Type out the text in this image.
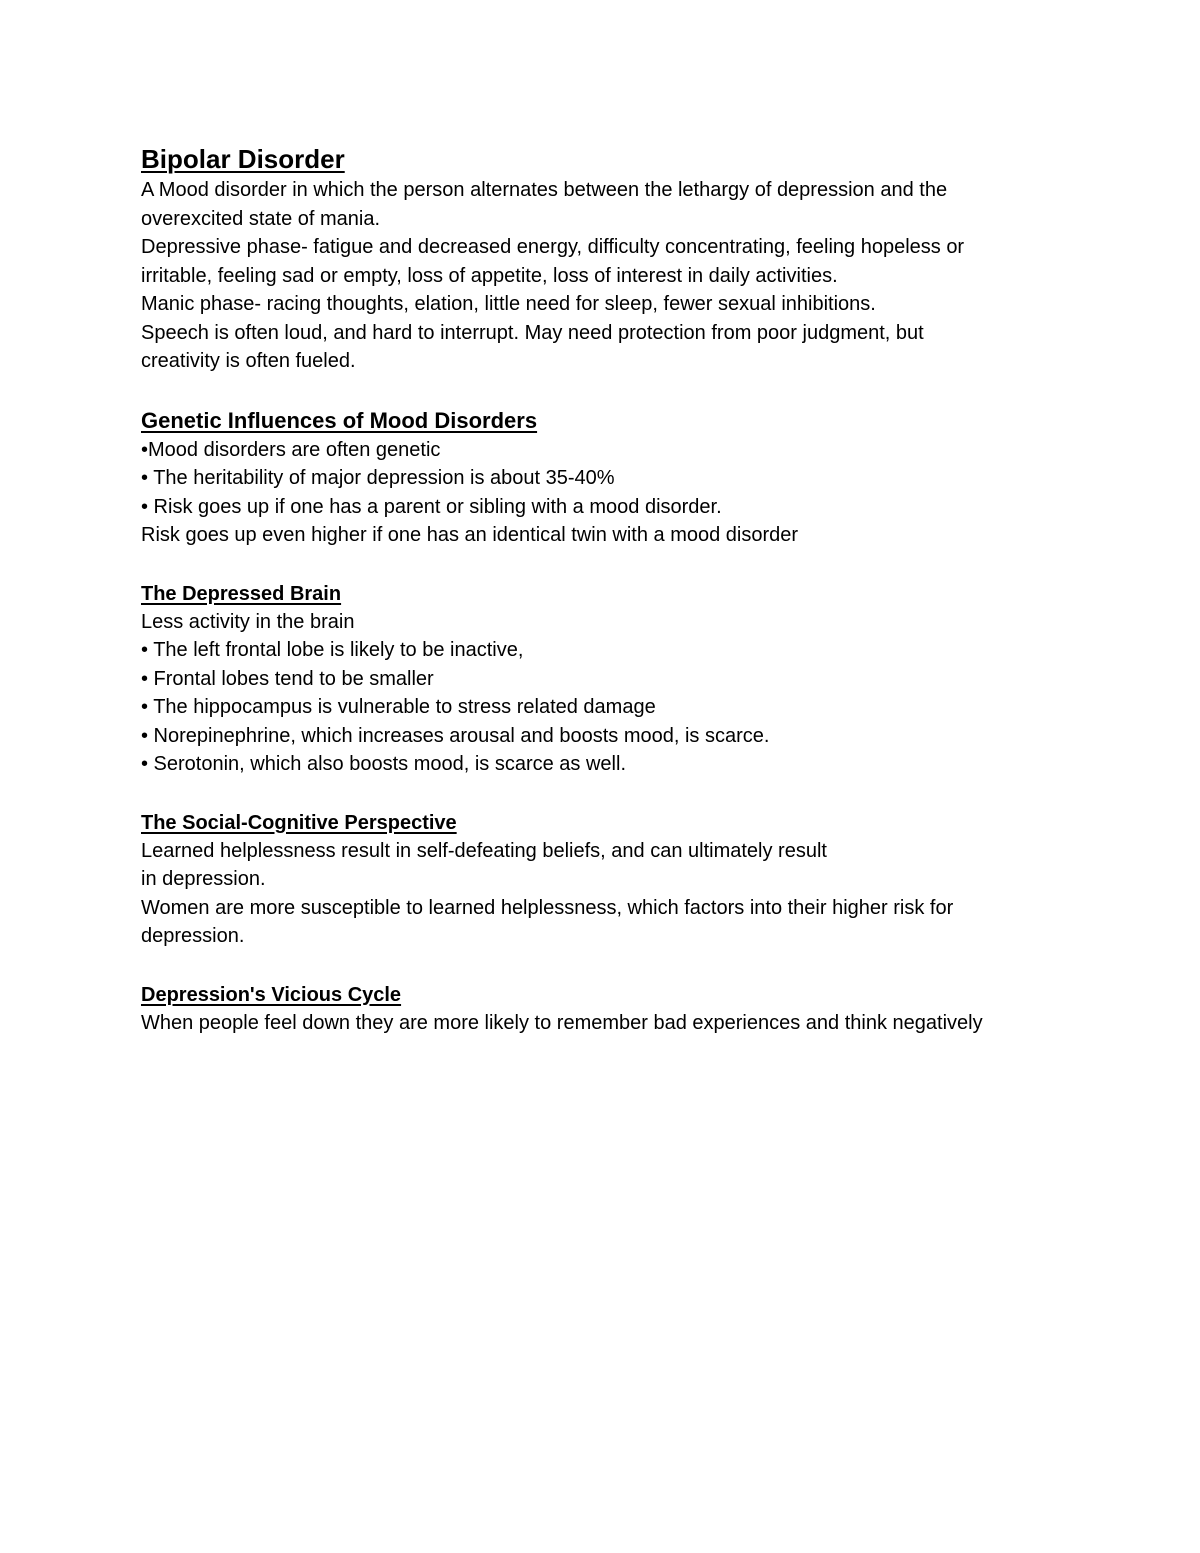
Bipolar Disorder
A Mood disorder in which the person alternates between the lethargy of depression and the
overexcited state of mania.
Depressive phase- fatigue and decreased energy, difficulty concentrating, feeling hopeless or
irritable, feeling sad or empty, loss of appetite, loss of interest in daily activities.
Manic phase- racing thoughts, elation, little need for sleep, fewer sexual inhibitions.
Speech is often loud, and hard to interrupt. May need protection from poor judgment, but
creativity is often fueled.
Genetic Influences of Mood Disorders
•Mood disorders are often genetic
• The heritability of major depression is about 35-40%
• Risk goes up if one has a parent or sibling with a mood disorder.
Risk goes up even higher if one has an identical twin with a mood disorder
The Depressed Brain
Less activity in the brain
• The left frontal lobe is likely to be inactive,
• Frontal lobes tend to be smaller
• The hippocampus is vulnerable to stress related damage
• Norepinephrine, which increases arousal and boosts mood, is scarce.
• Serotonin, which also boosts mood, is scarce as well.
The Social-Cognitive Perspective
Learned helplessness result in self-defeating beliefs, and can ultimately result
in depression.
Women are more susceptible to learned helplessness, which factors into their higher risk for
depression.
Depression's Vicious Cycle
When people feel down they are more likely to remember bad experiences and think negatively
